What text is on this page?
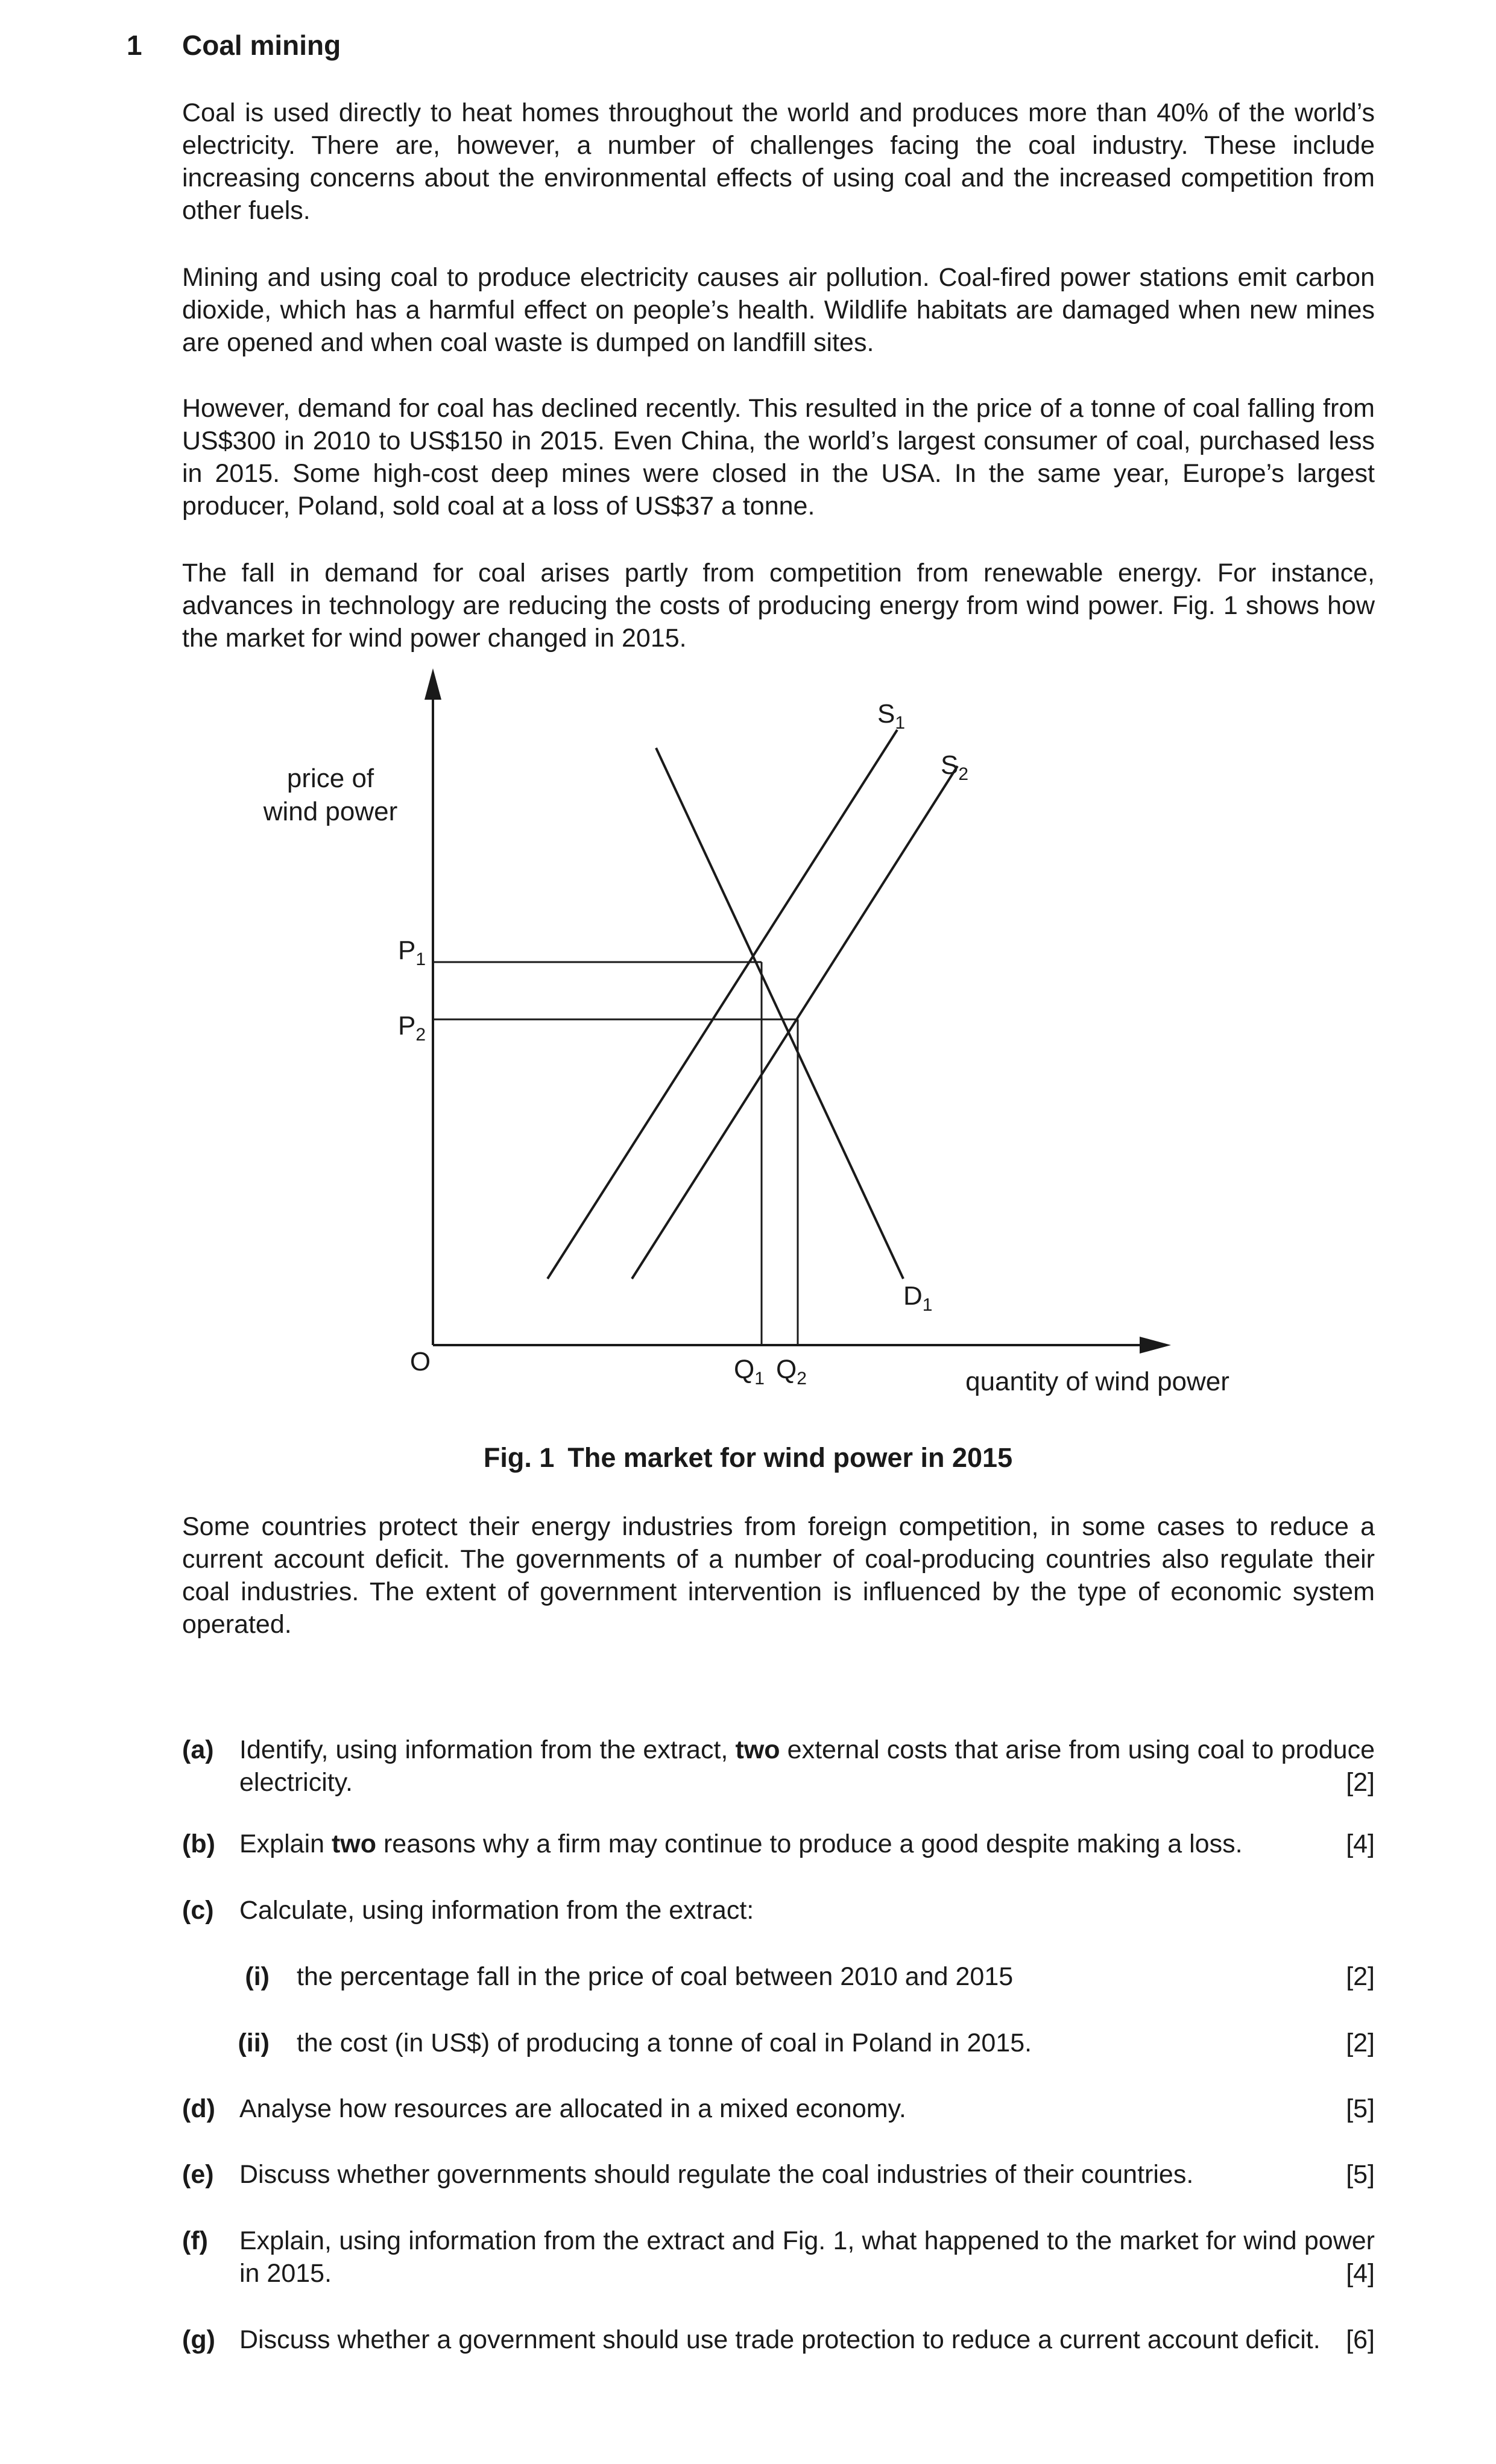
1 Coal mining

Coal is used directly to heat homes throughout the world and produces more than 40% of the world’s electricity. There are, however, a number of challenges facing the coal industry. These include increasing concerns about the environmental effects of using coal and the increased competition from other fuels.

Mining and using coal to produce electricity causes air pollution. Coal-fired power stations emit carbon dioxide, which has a harmful effect on people’s health. Wildlife habitats are damaged when new mines are opened and when coal waste is dumped on landfill sites.

However, demand for coal has declined recently. This resulted in the price of a tonne of coal falling from US$300 in 2010 to US$150 in 2015. Even China, the world’s largest consumer of coal, purchased less in 2015. Some high-cost deep mines were closed in the USA. In the same year, Europe’s largest producer, Poland, sold coal at a loss of US$37 a tonne.

The fall in demand for coal arises partly from competition from renewable energy. For instance, advances in technology are reducing the costs of producing energy from wind power. Fig. 1 shows how the market for wind power changed in 2015.

price of
wind power
quantity of wind power
O
$P_1$
$P_2$
$Q_1$ $Q_2$
$S_1$
$S_2$
$D_1$
Fig. 1 The market for wind power in 2015

Some countries protect their energy industries from foreign competition, in some cases to reduce a current account deficit. The governments of a number of coal-producing countries also regulate their coal industries. The extent of government intervention is influenced by the type of economic system operated.

(a) Identify, using information from the extract, two external costs that arise from using coal to produce electricity.	[2]
(b) Explain two reasons why a firm may continue to produce a good despite making a loss.	[4]
(c) Calculate, using information from the extract:
(i) the percentage fall in the price of coal between 2010 and 2015	[2]
(ii) the cost (in US$) of producing a tonne of coal in Poland in 2015.	[2]
(d) Analyse how resources are allocated in a mixed economy.	[5]
(e) Discuss whether governments should regulate the coal industries of their countries.	[5]
(f) Explain, using information from the extract and Fig. 1, what happened to the market for wind power in 2015.	[4]
(g) Discuss whether a government should use trade protection to reduce a current account deficit. [6]
